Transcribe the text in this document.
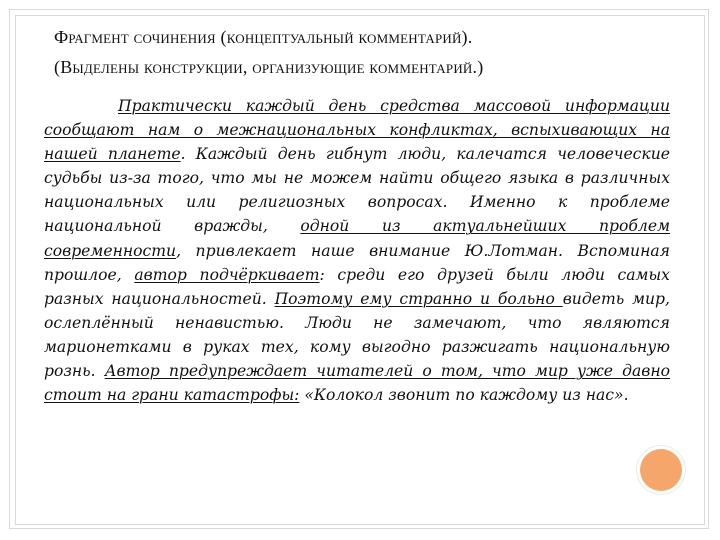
Фрагмент сочинения (концептуальный комментарий).
(Выделены конструкции, организующие комментарий.)

Практически каждый день средства массовой информации сообщают нам о межнациональных конфликтах, вспыхивающих на нашей планете. Каждый день гибнут люди, калечатся человеческие судьбы из-за того, что мы не можем найти общего языка в различных национальных или религиозных вопросах. Именно к проблеме национальной вражды, одной из актуальнейших проблем современности, привлекает наше внимание Ю.Лотман. Вспоминая прошлое, автор подчёркивает: среди его друзей были люди самых разных национальностей. Поэтому ему странно и больно видеть мир, ослеплённый ненавистью. Люди не замечают, что являются марионетками в руках тех, кому выгодно разжигать национальную рознь. Автор предупреждает читателей о том, что мир уже давно стоит на грани катастрофы: «Колокол звонит по каждому из нас».
